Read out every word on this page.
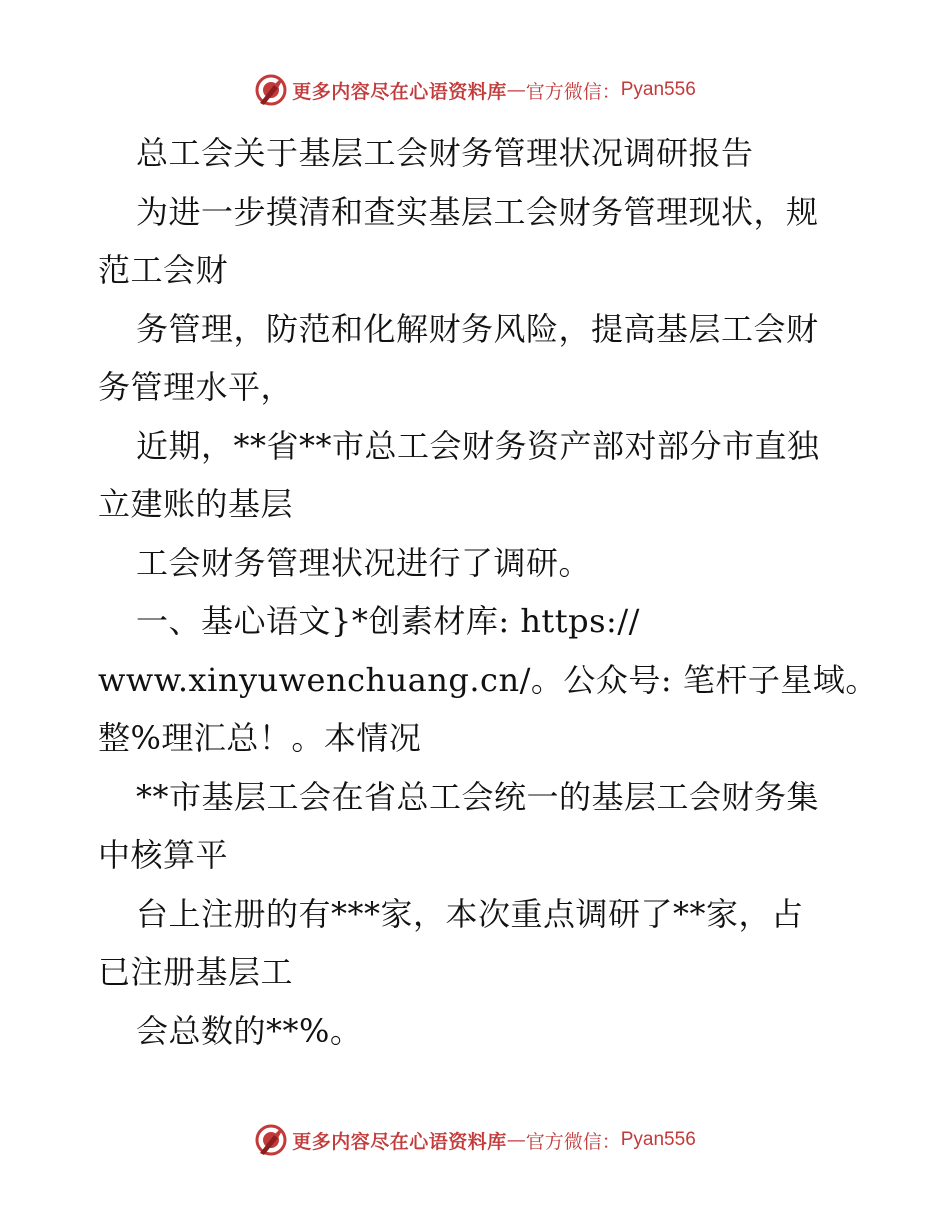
更多内容尽在心语资料库 — 官方微信： Pyan556
总工会关于基层工会财务管理状况调研报告
为进一步摸清和查实基层工会财务管理现状，规
范工会财
务管理，防范和化解财务风险，提高基层工会财
务管理水平，
近期，**省**市总工会财务资产部对部分市直独
立建账的基层
工会财务管理状况进行了调研。
一、基心语文}*创素材库: https://
www.xinyuwenchuang.cn/。公众号: 笔杆子星域。
整%理汇总！。本情况
**市基层工会在省总工会统一的基层工会财务集
中核算平
台上注册的有***家，本次重点调研了**家，占
已注册基层工
会总数的**%。
更多内容尽在心语资料库 — 官方微信： Pyan556
